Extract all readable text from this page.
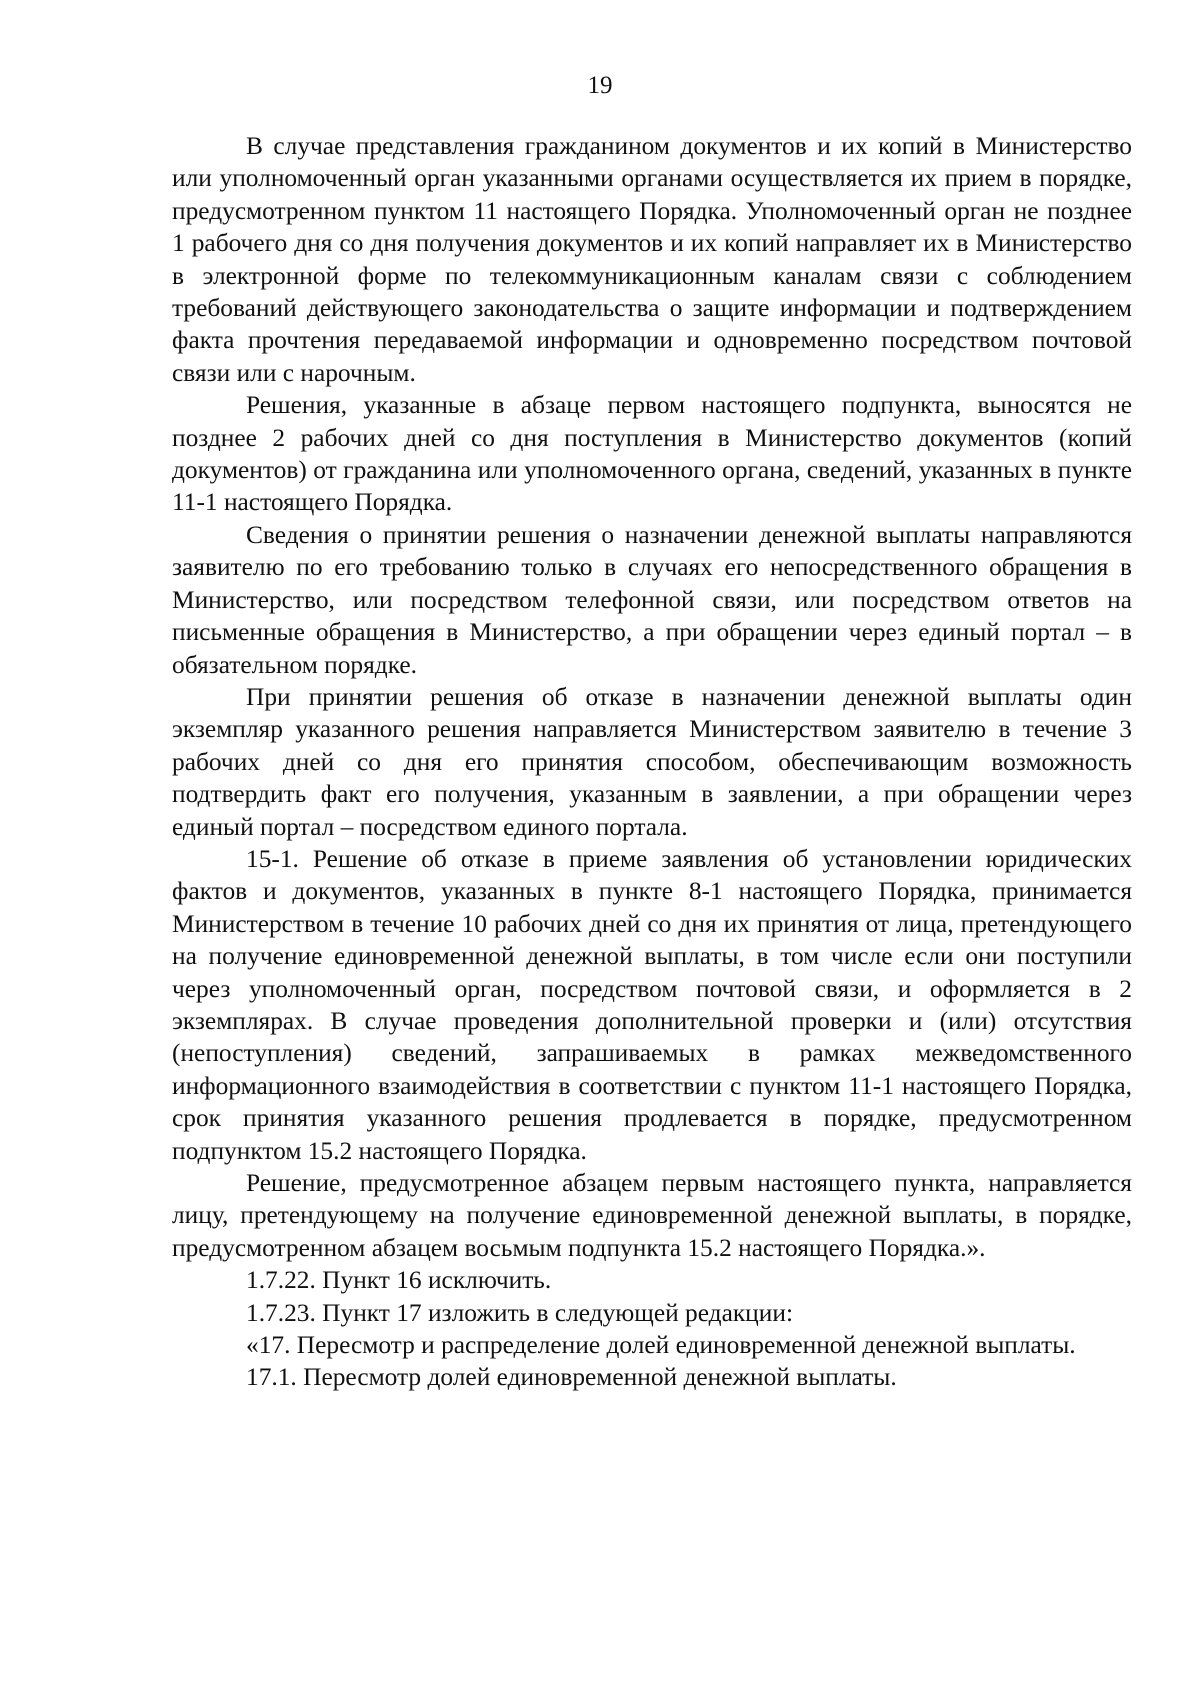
19

В случае представления гражданином документов и их копий в Министерство или уполномоченный орган указанными органами осуществляется их прием в порядке, предусмотренном пунктом 11 настоящего Порядка. Уполномоченный орган не позднее 1 рабочего дня со дня получения документов и их копий направляет их в Министерство в электронной форме по телекоммуникационным каналам связи с соблюдением требований действующего законодательства о защите информации и подтверждением факта прочтения передаваемой информации и одновременно посредством почтовой связи или с нарочным.

Решения, указанные в абзаце первом настоящего подпункта, выносятся не позднее 2 рабочих дней со дня поступления в Министерство документов (копий документов) от гражданина или уполномоченного органа, сведений, указанных в пункте 11-1 настоящего Порядка.

Сведения о принятии решения о назначении денежной выплаты направляются заявителю по его требованию только в случаях его непосредственного обращения в Министерство, или посредством телефонной связи, или посредством ответов на письменные обращения в Министерство, а при обращении через единый портал – в обязательном порядке.

При принятии решения об отказе в назначении денежной выплаты один экземпляр указанного решения направляется Министерством заявителю в течение 3 рабочих дней со дня его принятия способом, обеспечивающим возможность подтвердить факт его получения, указанным в заявлении, а при обращении через единый портал – посредством единого портала.

15-1. Решение об отказе в приеме заявления об установлении юридических фактов и документов, указанных в пункте 8-1 настоящего Порядка, принимается Министерством в течение 10 рабочих дней со дня их принятия от лица, претендующего на получение единовременной денежной выплаты, в том числе если они поступили через уполномоченный орган, посредством почтовой связи, и оформляется в 2 экземплярах. В случае проведения дополнительной проверки и (или) отсутствия (непоступления) сведений, запрашиваемых в рамках межведомственного информационного взаимодействия в соответствии с пунктом 11-1 настоящего Порядка, срок принятия указанного решения продлевается в порядке, предусмотренном подпунктом 15.2 настоящего Порядка.

Решение, предусмотренное абзацем первым настоящего пункта, направляется лицу, претендующему на получение единовременной денежной выплаты, в порядке, предусмотренном абзацем восьмым подпункта 15.2 настоящего Порядка.».

1.7.22. Пункт 16 исключить.

1.7.23. Пункт 17 изложить в следующей редакции:

«17. Пересмотр и распределение долей единовременной денежной выплаты.

17.1. Пересмотр долей единовременной денежной выплаты.
